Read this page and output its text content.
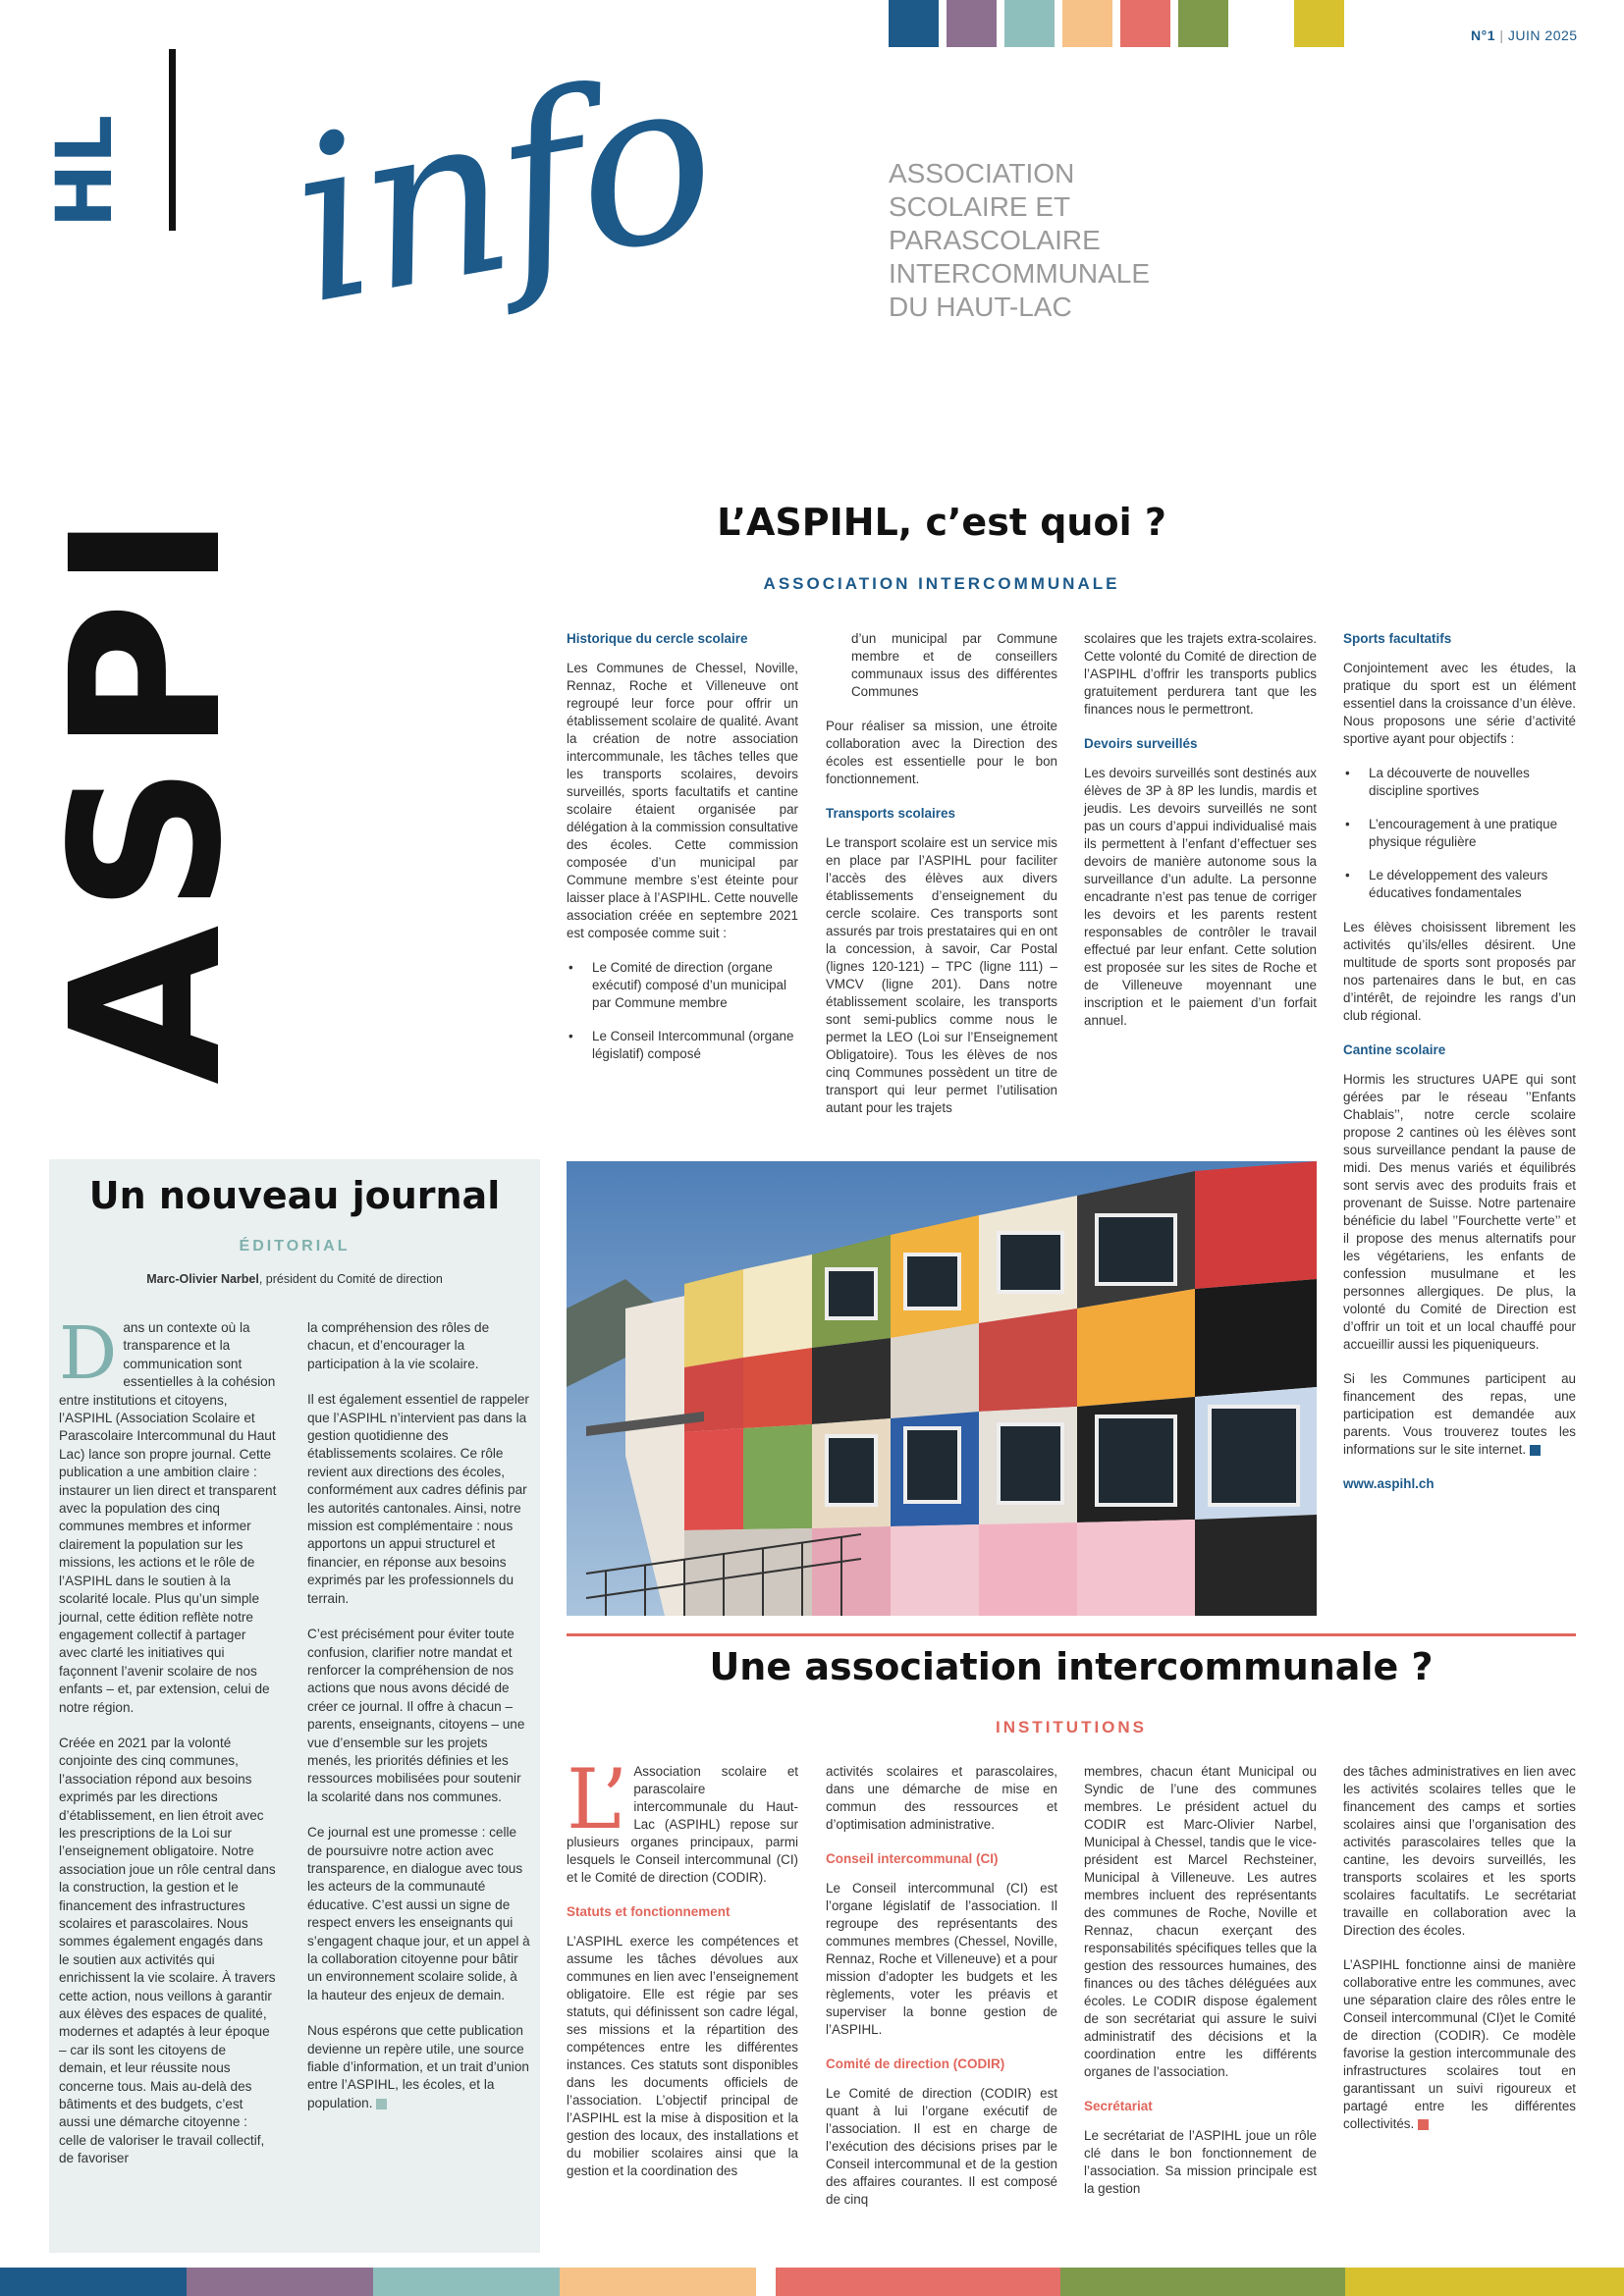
N°1 | JUIN 2025
HL
ASPI
info	ASSOCIATION
SCOLAIRE ET
PARASCOLAIRE
INTERCOMMUNALE
DU HAUT-LAC
L’ASPIHL, c’est quoi ?
ASSOCIATION INTERCOMMUNALE
Historique du cercle scolaire

Les Communes de Chessel, Noville, Rennaz, Roche et Villeneuve ont regroupé leur force pour offrir un établissement scolaire de qualité. Avant la création de notre association intercommunale, les tâches telles que les transports scolaires, devoirs surveillés, sports facultatifs et cantine scolaire étaient organisée par délégation à la commission consultative des écoles. Cette commission composée d’un municipal par Commune membre s’est éteinte pour laisser place à l’ASPIHL. Cette nouvelle association créée en septembre 2021 est composée comme suit :

• Le Comité de direction (organe exécutif) composé d’un municipal par Commune membre
• Le Conseil Intercommunal (organe législatif) composé

d’un municipal par Commune membre et de conseillers communaux issus des différentes Communes

Pour réaliser sa mission, une étroite collaboration avec la Direction des écoles est essentielle pour le bon fonctionnement.

Transports scolaires

Le transport scolaire est un service mis en place par l’ASPIHL pour faciliter l’accès des élèves aux divers établissements d’enseignement du cercle scolaire. Ces transports sont assurés par trois prestataires qui en ont la concession, à savoir, Car Postal (lignes 120-121) – TPC (ligne 111) – VMCV (ligne 201). Dans notre établissement scolaire, les transports sont semi-publics comme nous le permet la LEO (Loi sur l’Enseignement Obligatoire). Tous les élèves de nos cinq Communes possèdent un titre de transport qui leur permet l’utilisation autant pour les trajets

scolaires que les trajets extra-scolaires. Cette volonté du Comité de direction de l’ASPIHL d’offrir les transports publics gratuitement perdurera tant que les finances nous le permettront.

Devoirs surveillés

Les devoirs surveillés sont destinés aux élèves de 3P à 8P les lundis, mardis et jeudis. Les devoirs surveillés ne sont pas un cours d’appui individualisé mais ils permettent à l’enfant d’effectuer ses devoirs de manière autonome sous la surveillance d’un adulte. La personne encadrante n’est pas tenue de corriger les devoirs et les parents restent responsables de contrôler le travail effectué par leur enfant. Cette solution est proposée sur les sites de Roche et de Villeneuve moyennant une inscription et le paiement d’un forfait annuel.

Sports facultatifs

Conjointement avec les études, la pratique du sport est un élément essentiel dans la croissance d’un élève. Nous proposons une série d’activité sportive ayant pour objectifs :

• La découverte de nouvelles discipline sportives
• L’encouragement à une pratique physique régulière
• Le développement des valeurs éducatives fondamentales

Les élèves choisissent librement les activités qu’ils/elles désirent. Une multitude de sports sont proposés par nos partenaires dans le but, en cas d’intérêt, de rejoindre les rangs d’un club régional.

Cantine scolaire

Hormis les structures UAPE qui sont gérées par le réseau ’’Enfants Chablais’’, notre cercle scolaire propose 2 cantines où les élèves sont sous surveillance pendant la pause de midi. Des menus variés et équilibrés sont servis avec des produits frais et provenant de Suisse. Notre partenaire bénéficie du label ’’Fourchette verte’’ et il propose des menus alternatifs pour les végétariens, les enfants de confession musulmane et les personnes allergiques. De plus, la volonté du Comité de Direction est d’offrir un toit et un local chauffé pour accueillir aussi les piqueniqueurs.

Si les Communes participent au financement des repas, une participation est demandée aux parents. Vous trouverez toutes les informations sur le site internet.

www.aspihl.ch

Un nouveau journal
ÉDITORIAL
Marc-Olivier Narbel, président du Comité de direction

Dans un contexte où la transparence et la communication sont essentielles à la cohésion entre institutions et citoyens, l’ASPIHL (Association Scolaire et Parascolaire Intercommunal du Haut Lac) lance son propre journal. Cette publication a une ambition claire : instaurer un lien direct et transparent avec la population des cinq communes membres et informer clairement la population sur les missions, les actions et le rôle de l’ASPIHL dans le soutien à la scolarité locale. Plus qu’un simple journal, cette édition reflète notre engagement collectif à partager avec clarté les initiatives qui façonnent l’avenir scolaire de nos enfants – et, par extension, celui de notre région.

Créée en 2021 par la volonté conjointe des cinq communes, l’association répond aux besoins exprimés par les directions d’établissement, en lien étroit avec les prescriptions de la Loi sur l’enseignement obligatoire. Notre association joue un rôle central dans la construction, la gestion et le financement des infrastructures scolaires et parascolaires. Nous sommes également engagés dans le soutien aux activités qui enrichissent la vie scolaire. À travers cette action, nous veillons à garantir aux élèves des espaces de qualité, modernes et adaptés à leur époque – car ils sont les citoyens de demain, et leur réussite nous concerne tous. Mais au-delà des bâtiments et des budgets, c’est aussi une démarche citoyenne : celle de valoriser le travail collectif, de favoriser

la compréhension des rôles de chacun, et d’encourager la participation à la vie scolaire.

Il est également essentiel de rappeler que l’ASPIHL n’intervient pas dans la gestion quotidienne des établissements scolaires. Ce rôle revient aux directions des écoles, conformément aux cadres définis par les autorités cantonales. Ainsi, notre mission est complémentaire : nous apportons un appui structurel et financier, en réponse aux besoins exprimés par les professionnels du terrain.

C’est précisément pour éviter toute confusion, clarifier notre mandat et renforcer la compréhension de nos actions que nous avons décidé de créer ce journal. Il offre à chacun – parents, enseignants, citoyens – une vue d’ensemble sur les projets menés, les priorités définies et les ressources mobilisées pour soutenir la scolarité dans nos communes.

Ce journal est une promesse : celle de poursuivre notre action avec transparence, en dialogue avec tous les acteurs de la communauté éducative. C’est aussi un signe de respect envers les enseignants qui s’engagent chaque jour, et un appel à la collaboration citoyenne pour bâtir un environnement scolaire solide, à la hauteur des enjeux de demain.

Nous espérons que cette publication devienne un repère utile, une source fiable d’information, et un trait d’union entre l’ASPIHL, les écoles, et la population.

Une association intercommunale ?
INSTITUTIONS

L’ Association scolaire et parascolaire intercommunale du Haut-Lac (ASPIHL) repose sur plusieurs organes principaux, parmi lesquels le Conseil intercommunal (CI) et le Comité de direction (CODIR).

Statuts et fonctionnement

L’ASPIHL exerce les compétences et assume les tâches dévolues aux communes en lien avec l’enseignement obligatoire. Elle est régie par ses statuts, qui définissent son cadre légal, ses missions et la répartition des compétences entre les différentes instances. Ces statuts sont disponibles dans les documents officiels de l’association. L’objectif principal de l’ASPIHL est la mise à disposition et la gestion des locaux, des installations et du mobilier scolaires ainsi que la gestion et la coordination des

activités scolaires et parascolaires, dans une démarche de mise en commun des ressources et d’optimisation administrative.

Conseil intercommunal (CI)

Le Conseil intercommunal (CI) est l’organe législatif de l’association. Il regroupe des représentants des communes membres (Chessel, Noville, Rennaz, Roche et Villeneuve) et a pour mission d’adopter les budgets et les règlements, voter les préavis et superviser la bonne gestion de l’ASPIHL.

Comité de direction (CODIR)

Le Comité de direction (CODIR) est quant à lui l’organe exécutif de l’association. Il est en charge de l’exécution des décisions prises par le Conseil intercommunal et de la gestion des affaires courantes. Il est composé de cinq

membres, chacun étant Municipal ou Syndic de l’une des communes membres. Le président actuel du CODIR est Marc-Olivier Narbel, Municipal à Chessel, tandis que le vice-président est Marcel Rechsteiner, Municipal à Villeneuve. Les autres membres incluent des représentants des communes de Roche, Noville et Rennaz, chacun exerçant des responsabilités spécifiques telles que la gestion des ressources humaines, des finances ou des tâches déléguées aux écoles. Le CODIR dispose également de son secrétariat qui assure le suivi administratif des décisions et la coordination entre les différents organes de l’association.

Secrétariat

Le secrétariat de l’ASPIHL joue un rôle clé dans le bon fonctionnement de l’association. Sa mission principale est la gestion

des tâches administratives en lien avec les activités scolaires telles que le financement des camps et sorties scolaires ainsi que l’organisation des activités parascolaires telles que la cantine, les devoirs surveillés, les transports scolaires et les sports scolaires facultatifs. Le secrétariat travaille en collaboration avec la Direction des écoles.

L’ASPIHL fonctionne ainsi de manière collaborative entre les communes, avec une séparation claire des rôles entre le Conseil intercommunal (CI)et le Comité de direction (CODIR). Ce modèle favorise la gestion intercommunale des infrastructures scolaires tout en garantissant un suivi rigoureux et partagé entre les différentes collectivités.
